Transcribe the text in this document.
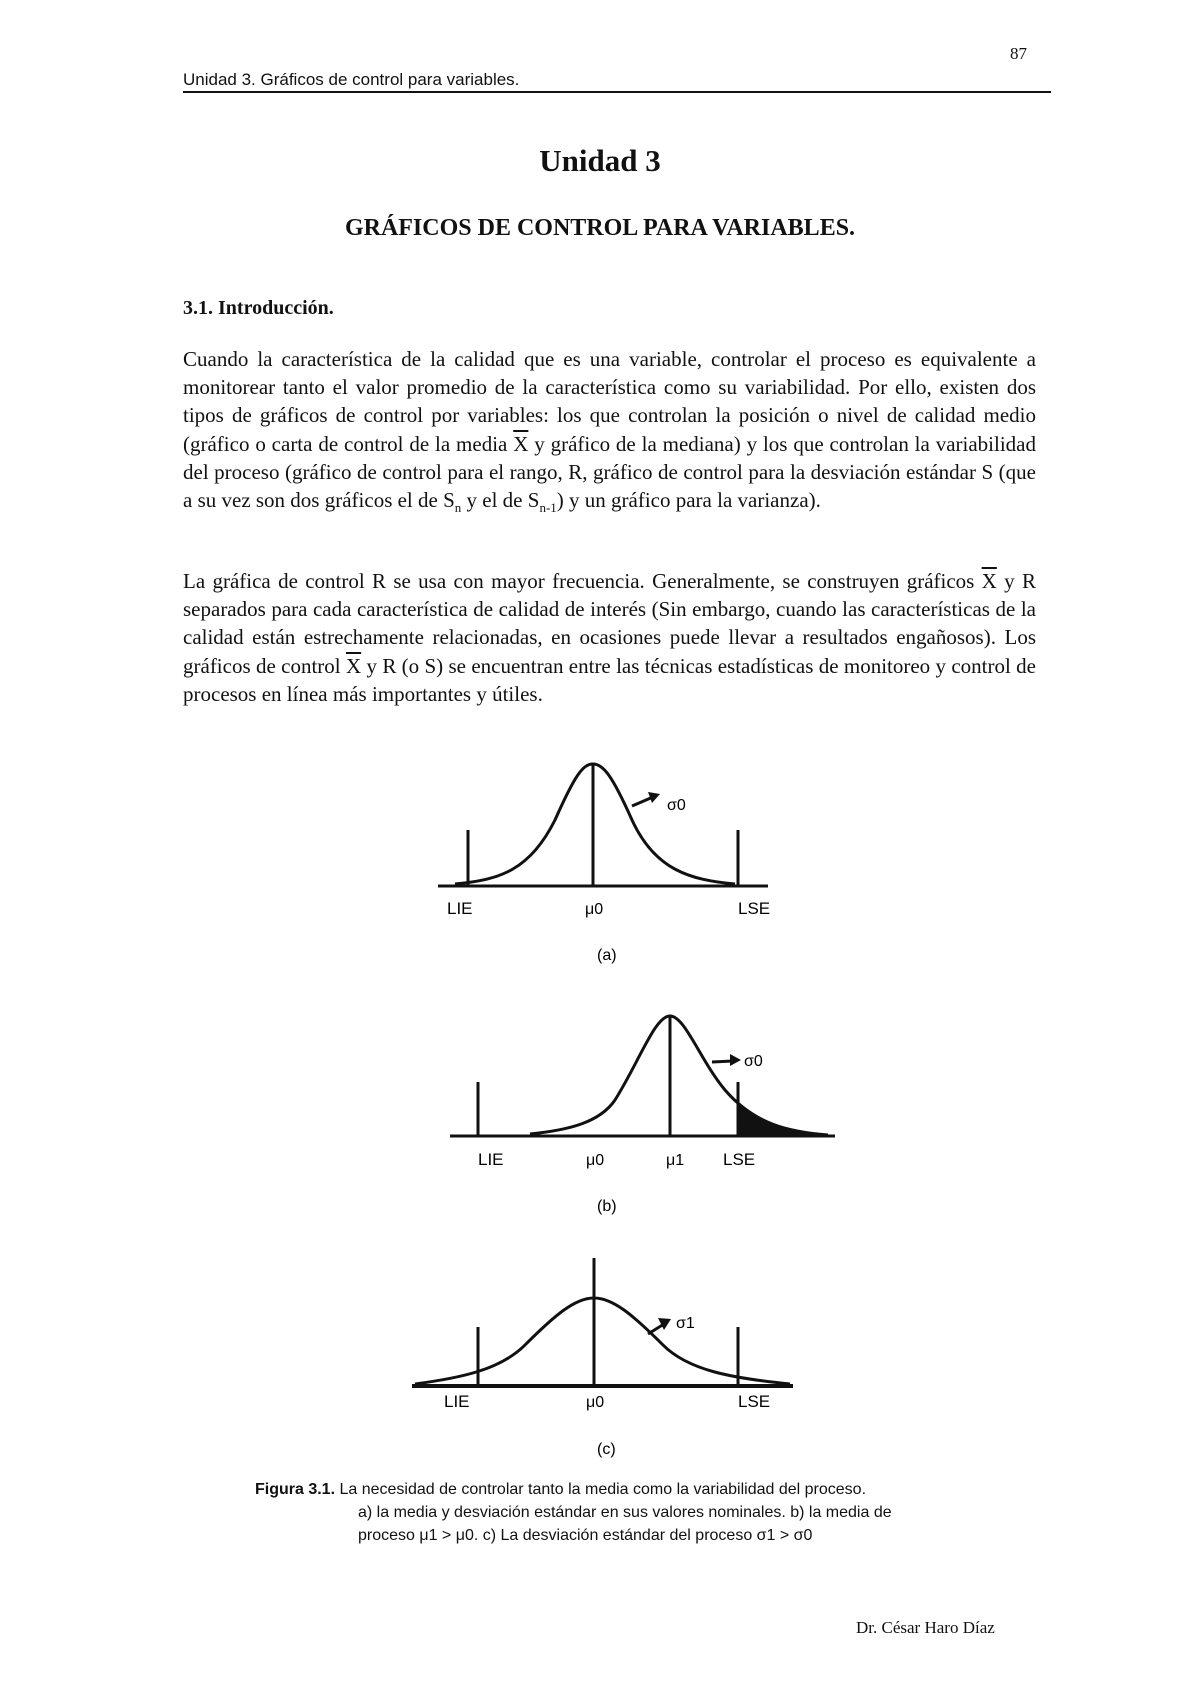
87
Unidad 3. Gráficos de control para variables.
Unidad 3
GRÁFICOS DE CONTROL PARA VARIABLES.
3.1. Introducción.

Cuando la característica de la calidad que es una variable, controlar el proceso es equivalente a monitorear tanto el valor promedio de la característica como su variabilidad. Por ello, existen dos tipos de gráficos de control por variables: los que controlan la posición o nivel de calidad medio (gráfico o carta de control de la media $\overline{X}$ y gráfico de la mediana) y los que controlan la variabilidad del proceso (gráfico de control para el rango, R, gráfico de control para la desviación estándar S (que a su vez son dos gráficos el de $S_n$ y el de $S_{n-1}$) y un gráfico para la varianza).

La gráfica de control R se usa con mayor frecuencia. Generalmente, se construyen gráficos $\overline{X}$ y R separados para cada característica de calidad de interés (Sin embargo, cuando las características de la calidad están estrechamente relacionadas, en ocasiones puede llevar a resultados engañosos). Los gráficos de control $\overline{X}$ y R (o S) se encuentran entre las técnicas estadísticas de monitoreo y control de procesos en línea más importantes y útiles.

σ0
LIE	μ0	LSE
(a)
σ0
LIE	μ0	μ1 LSE
(b)
σ1
LIE	μ0	LSE
(c)
Figura 3.1. La necesidad de controlar tanto la media como la variabilidad del proceso.
a) la media y desviación estándar en sus valores nominales. b) la media de
proceso μ1 > μ0. c) La desviación estándar del proceso σ1 > σ0
Dr. César Haro Díaz
